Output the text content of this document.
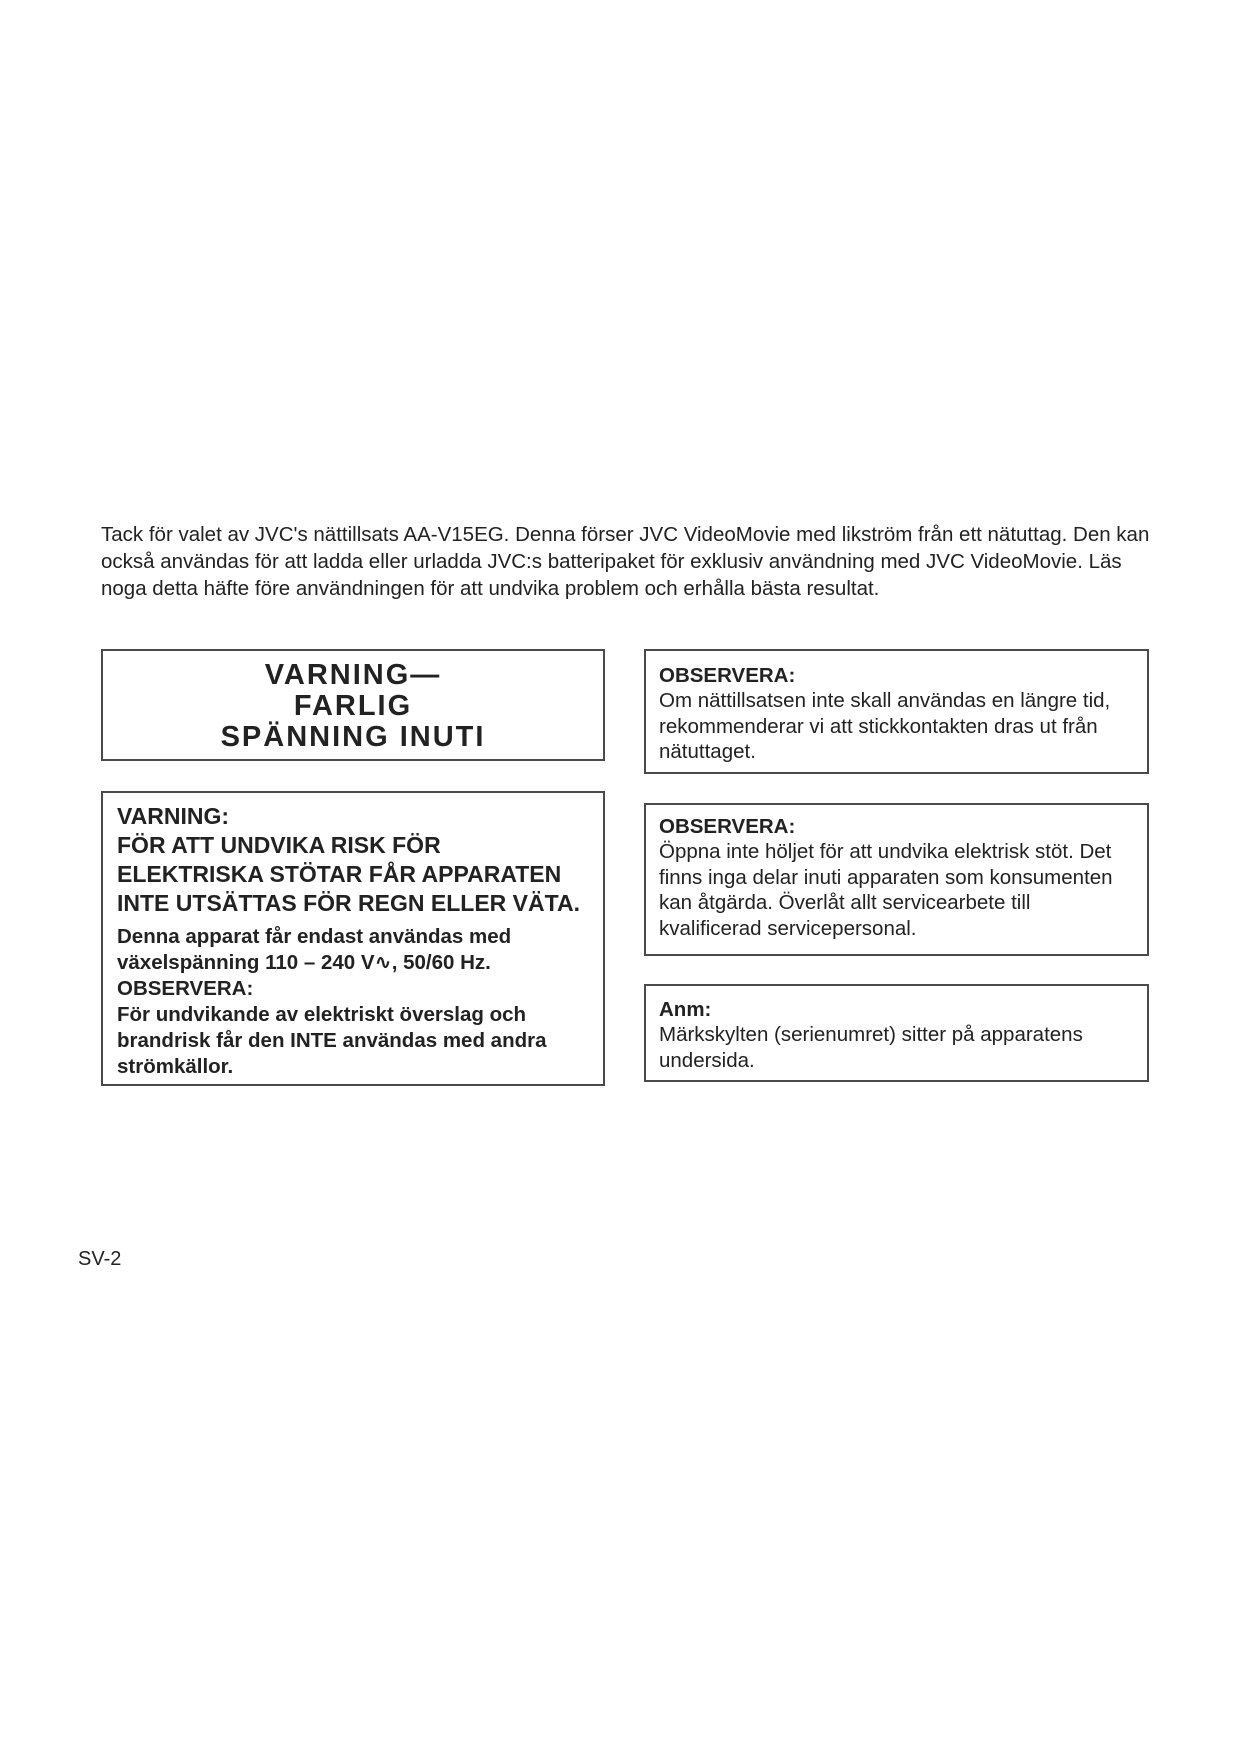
Tack för valet av JVC's nättillsats AA-V15EG. Denna förser JVC VideoMovie med likström från ett nätuttag. Den kan också användas för att ladda eller urladda JVC:s batteripaket för exklusiv användning med JVC VideoMovie. Läs noga detta häfte före användningen för att undvika problem och erhålla bästa resultat.

VARNING—
FARLIG
SPÄNNING INUTI
VARNING:
FÖR ATT UNDVIKA RISK FÖR ELEKTRISKA STÖTAR FÅR APPARATEN INTE UTSÄTTAS FÖR REGN ELLER VÄTA.
Denna apparat får endast användas med växelspänning 110 – 240 V∿, 50/60 Hz.
OBSERVERA:
För undvikande av elektriskt överslag och brandrisk får den INTE användas med andra strömkällor.
OBSERVERA:
Om nättillsatsen inte skall användas en längre tid, rekommenderar vi att stickkontakten dras ut från nätuttaget.
OBSERVERA:
Öppna inte höljet för att undvika elektrisk stöt. Det finns inga delar inuti apparaten som konsumenten kan åtgärda. Överlåt allt servicearbete till kvalificerad servicepersonal.
Anm:
Märkskylten (serienumret) sitter på apparatens undersida.

SV-2
